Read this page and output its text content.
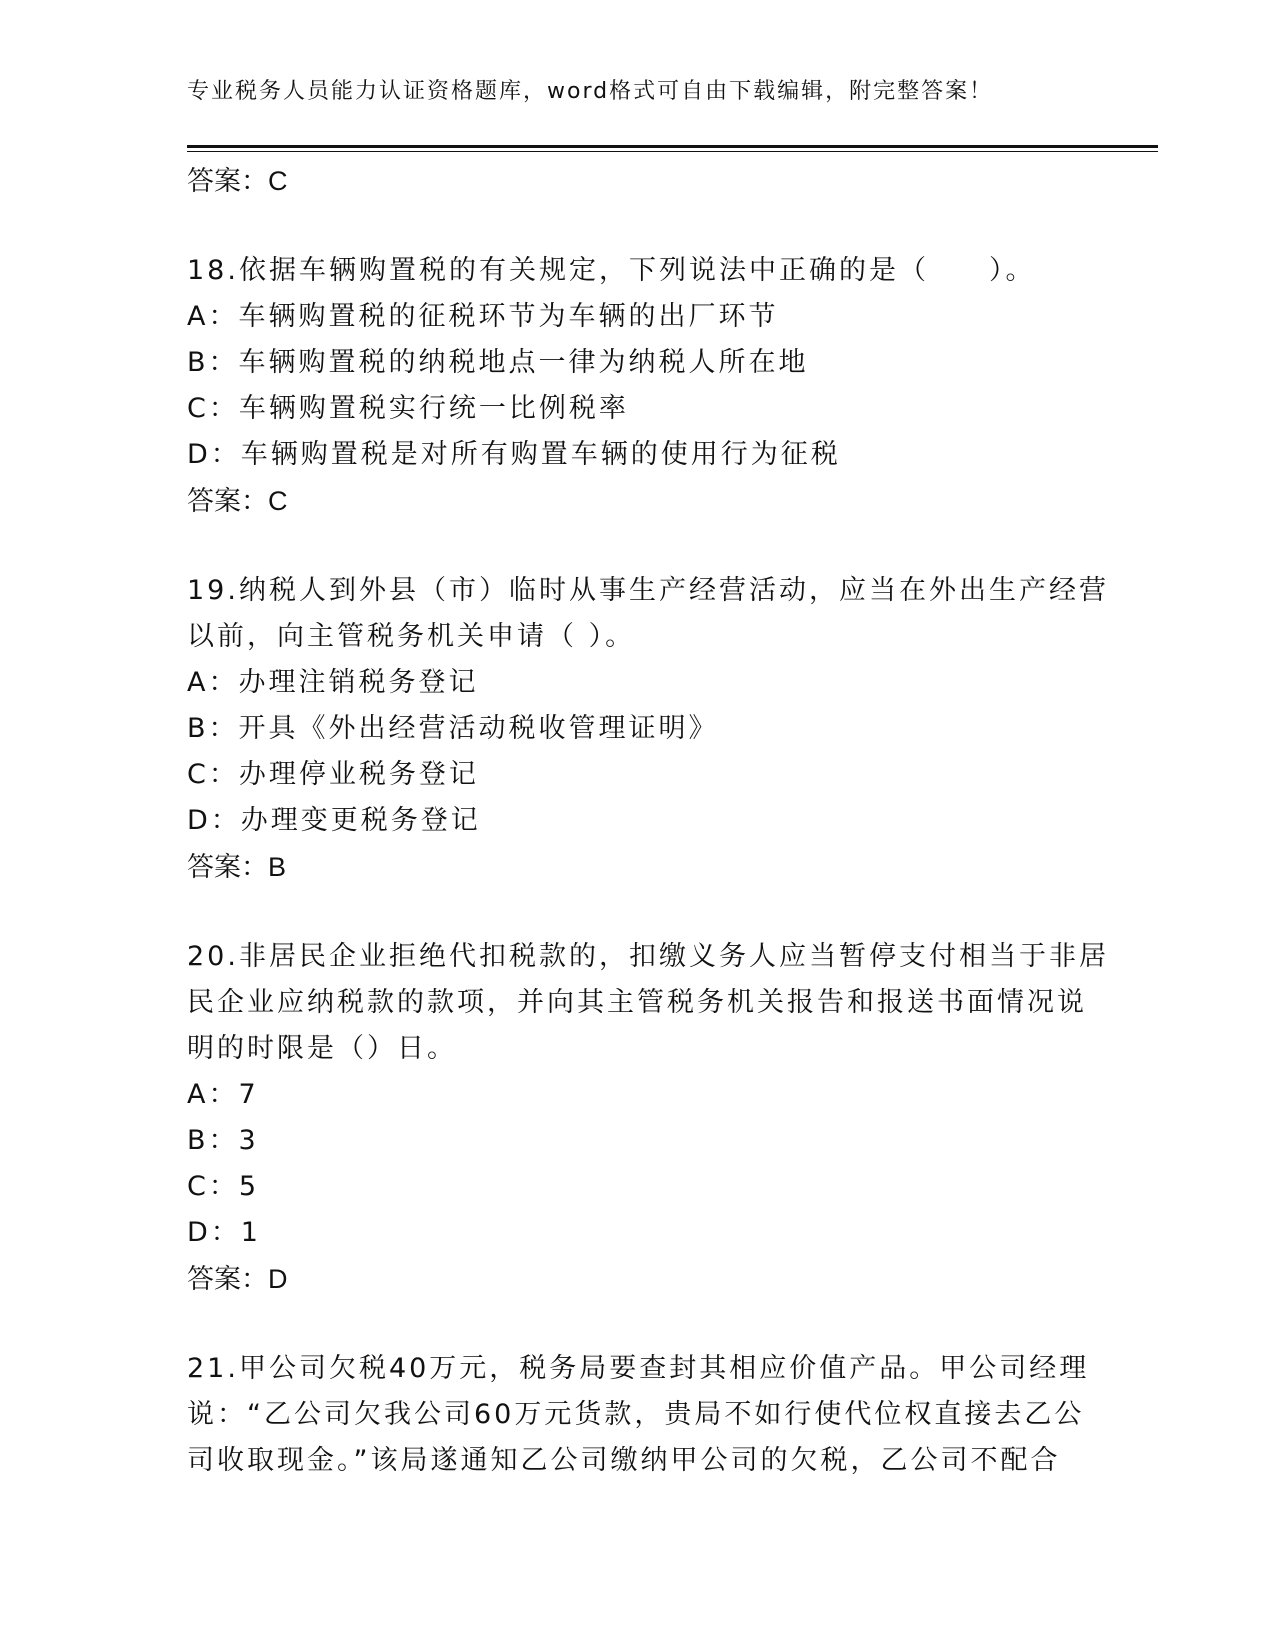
专业税务人员能力认证资格题库，word格式可自由下载编辑，附完整答案！
答案：C
18.依据车辆购置税的有关规定，下列说法中正确的是（　　）。
A：车辆购置税的征税环节为车辆的出厂环节
B：车辆购置税的纳税地点一律为纳税人所在地
C：车辆购置税实行统一比例税率
D：车辆购置税是对所有购置车辆的使用行为征税
答案：C
19.纳税人到外县（市）临时从事生产经营活动，应当在外出生产经营
以前，向主管税务机关申请（ ）。
A：办理注销税务登记
B：开具《外出经营活动税收管理证明》
C：办理停业税务登记
D：办理变更税务登记
答案：B
20.非居民企业拒绝代扣税款的，扣缴义务人应当暂停支付相当于非居
民企业应纳税款的款项，并向其主管税务机关报告和报送书面情况说
明的时限是（）日。
A：7
B：3
C：5
D：1
答案：D
21.甲公司欠税40万元，税务局要查封其相应价值产品。甲公司经理
说：“乙公司欠我公司60万元货款，贵局不如行使代位权直接去乙公
司收取现金。”该局遂通知乙公司缴纳甲公司的欠税，乙公司不配合
